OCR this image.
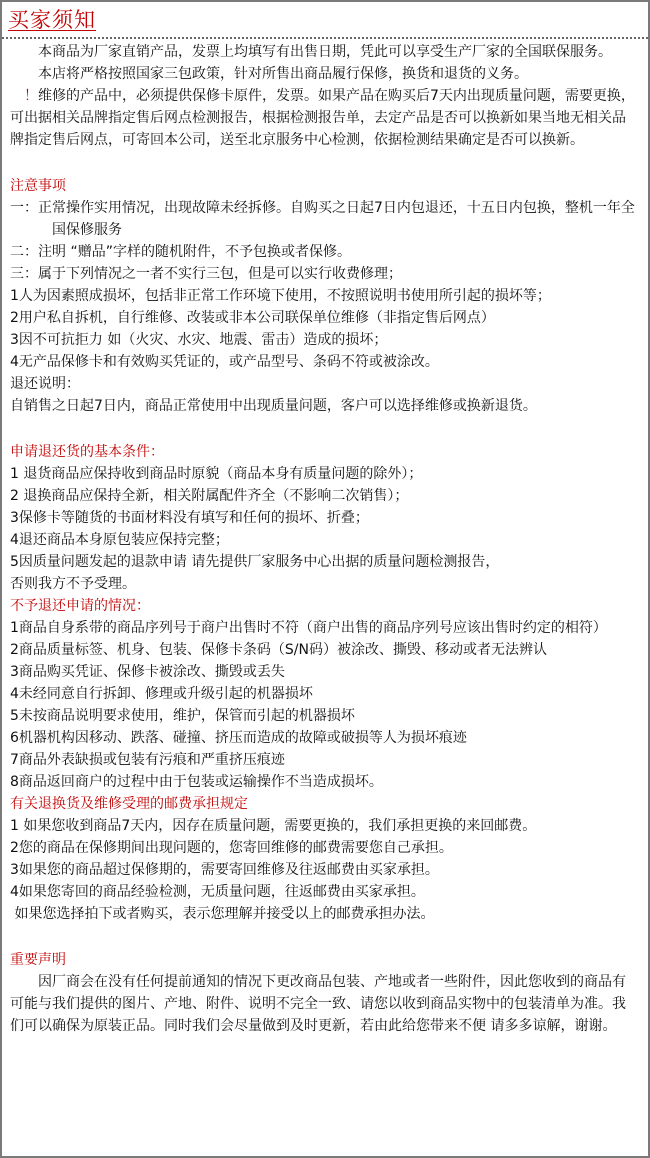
买家须知

本商品为厂家直销产品，发票上均填写有出售日期，凭此可以享受生产厂家的全国联保服务。

本店将严格按照国家三包政策，针对所售出商品履行保修，换货和退货的义务。

！维修的产品中，必须提供保修卡原件，发票。如果产品在购买后7天内出现质量问题，需要更换，可出据相关品牌指定售后网点检测报告，根据检测报告单，去定产品是否可以换新如果当地无相关品牌指定售后网点，可寄回本公司，送至北京服务中心检测，依据检测结果确定是否可以换新。

注意事项

一：正常操作实用情况，出现故障未经拆修。自购买之日起7日内包退还，十五日内包换，整机一年全国保修服务

二：注明 “赠品”字样的随机附件，不予包换或者保修。

三：属于下列情况之一者不实行三包，但是可以实行收费修理；

1人为因素照成损坏，包括非正常工作环境下使用，不按照说明书使用所引起的损坏等；

2用户私自拆机，自行维修、改装或非本公司联保单位维修（非指定售后网点）

3因不可抗拒力 如（火灾、水灾、地震、雷击）造成的损坏；

4无产品保修卡和有效购买凭证的，或产品型号、条码不符或被涂改。

退还说明：

自销售之日起7日内，商品正常使用中出现质量问题，客户可以选择维修或换新退货。

申请退还货的基本条件：

1 退货商品应保持收到商品时原貌（商品本身有质量问题的除外）；

2 退换商品应保持全新，相关附属配件齐全（不影响二次销售）；

3保修卡等随货的书面材料没有填写和任何的损坏、折叠；

4退还商品本身原包装应保持完整；

5因质量问题发起的退款申请 请先提供厂家服务中心出据的质量问题检测报告，

否则我方不予受理。

不予退还申请的情况：

1商品自身系带的商品序列号于商户出售时不符（商户出售的商品序列号应该出售时约定的相符）

2商品质量标签、机身、包装、保修卡条码（S/N码）被涂改、撕毁、移动或者无法辨认

3商品购买凭证、保修卡被涂改、撕毁或丢失

4未经同意自行拆卸、修理或升级引起的机器损坏

5未按商品说明要求使用，维护，保管而引起的机器损坏

6机器机构因移动、跌落、碰撞、挤压而造成的故障或破损等人为损坏痕迹

7商品外表缺损或包装有污痕和严重挤压痕迹

8商品返回商户的过程中由于包装或运输操作不当造成损坏。

有关退换货及维修受理的邮费承担规定

1 如果您收到商品7天内，因存在质量问题，需要更换的，我们承担更换的来回邮费。

2您的商品在保修期间出现问题的，您寄回维修的邮费需要您自己承担。

3如果您的商品超过保修期的，需要寄回维修及往返邮费由买家承担。

4如果您寄回的商品经验检测，无质量问题，往返邮费由买家承担。

如果您选择拍下或者购买，表示您理解并接受以上的邮费承担办法。

重要声明

因厂商会在没有任何提前通知的情况下更改商品包装、产地或者一些附件，因此您收到的商品有可能与我们提供的图片、产地、附件、说明不完全一致、请您以收到商品实物中的包装清单为准。我们可以确保为原装正品。同时我们会尽量做到及时更新，若由此给您带来不便 请多多谅解，谢谢。
